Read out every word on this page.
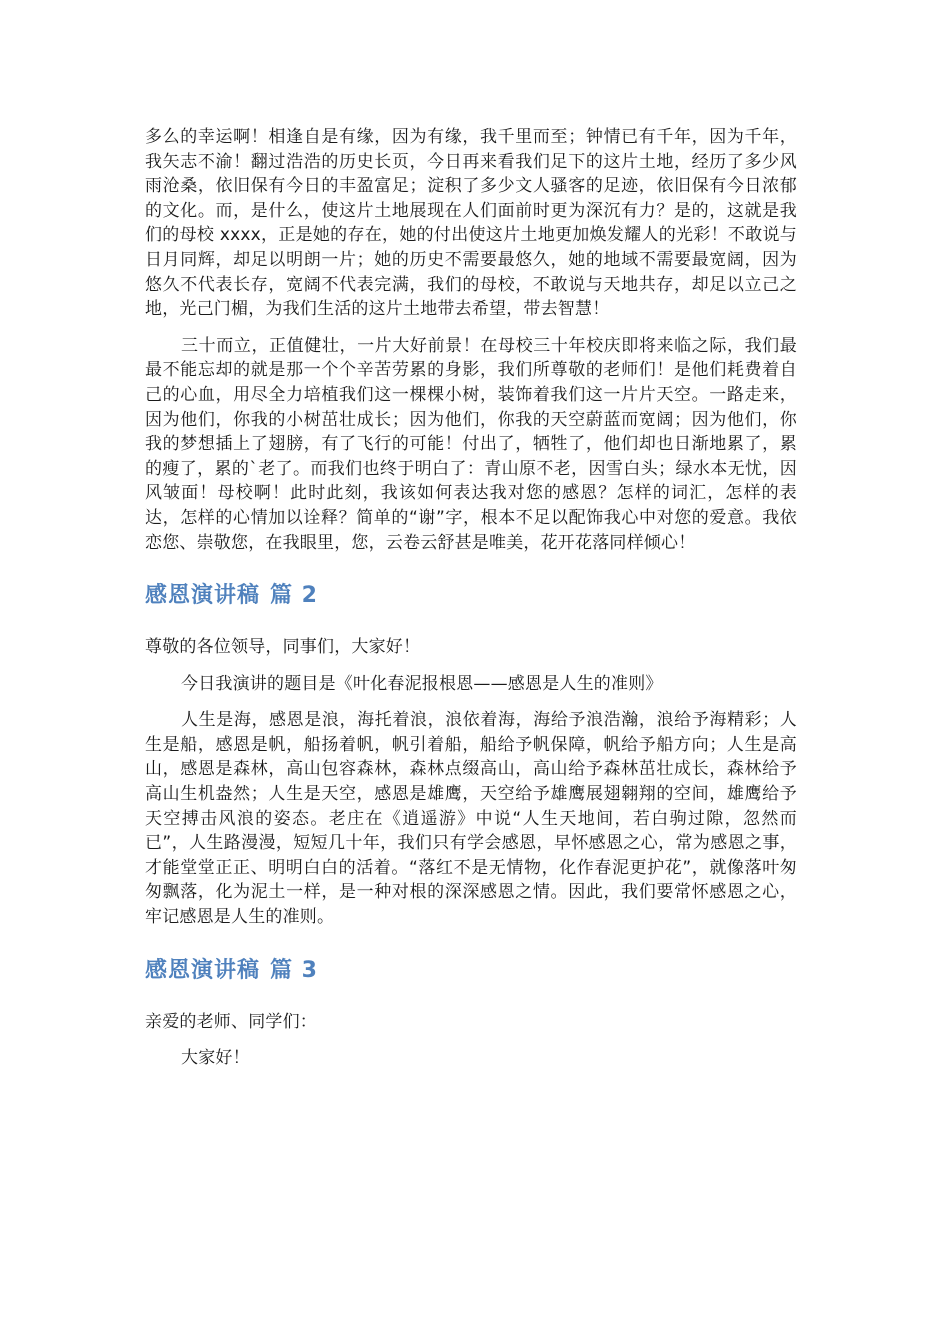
多么的幸运啊！相逢自是有缘，因为有缘，我千里而至；钟情已有千年，因为千年，我矢志不渝！翻过浩浩的历史长页，今日再来看我们足下的这片土地，经历了多少风雨沧桑，依旧保有今日的丰盈富足；淀积了多少文人骚客的足迹，依旧保有今日浓郁的文化。而，是什么，使这片土地展现在人们面前时更为深沉有力？是的，这就是我们的母校 xxxx，正是她的存在，她的付出使这片土地更加焕发耀人的光彩！不敢说与日月同辉，却足以明朗一片；她的历史不需要最悠久，她的地域不需要最宽阔，因为悠久不代表长存，宽阔不代表完满，我们的母校，不敢说与天地共存，却足以立己之地，光己门楣，为我们生活的这片土地带去希望，带去智慧！

三十而立，正值健壮，一片大好前景！在母校三十年校庆即将来临之际，我们最最不能忘却的就是那一个个辛苦劳累的身影，我们所尊敬的老师们！是他们耗费着自己的心血，用尽全力培植我们这一棵棵小树，装饰着我们这一片片天空。一路走来，因为他们，你我的小树茁壮成长；因为他们，你我的天空蔚蓝而宽阔；因为他们，你我的梦想插上了翅膀，有了飞行的可能！付出了，牺牲了，他们却也日渐地累了，累的瘦了，累的`老了。而我们也终于明白了：青山原不老，因雪白头；绿水本无忧，因风皱面！母校啊！此时此刻，我该如何表达我对您的感恩？怎样的词汇，怎样的表达，怎样的心情加以诠释？简单的“谢”字，根本不足以配饰我心中对您的爱意。我依恋您、崇敬您，在我眼里，您，云卷云舒甚是唯美，花开花落同样倾心！

感恩演讲稿 篇 2

尊敬的各位领导，同事们，大家好！

今日我演讲的题目是《叶化春泥报根恩——感恩是人生的准则》

人生是海，感恩是浪，海托着浪，浪依着海，海给予浪浩瀚，浪给予海精彩；人生是船，感恩是帆，船扬着帆，帆引着船，船给予帆保障，帆给予船方向；人生是高山，感恩是森林，高山包容森林，森林点缀高山，高山给予森林茁壮成长，森林给予高山生机盎然；人生是天空，感恩是雄鹰，天空给予雄鹰展翅翱翔的空间，雄鹰给予天空搏击风浪的姿态。老庄在《逍遥游》中说“人生天地间，若白驹过隙，忽然而已”，人生路漫漫，短短几十年，我们只有学会感恩，早怀感恩之心，常为感恩之事，才能堂堂正正、明明白白的活着。“落红不是无情物，化作春泥更护花”，就像落叶匆匆飘落，化为泥土一样，是一种对根的深深感恩之情。因此，我们要常怀感恩之心，牢记感恩是人生的准则。

感恩演讲稿 篇 3

亲爱的老师、同学们：

大家好！
